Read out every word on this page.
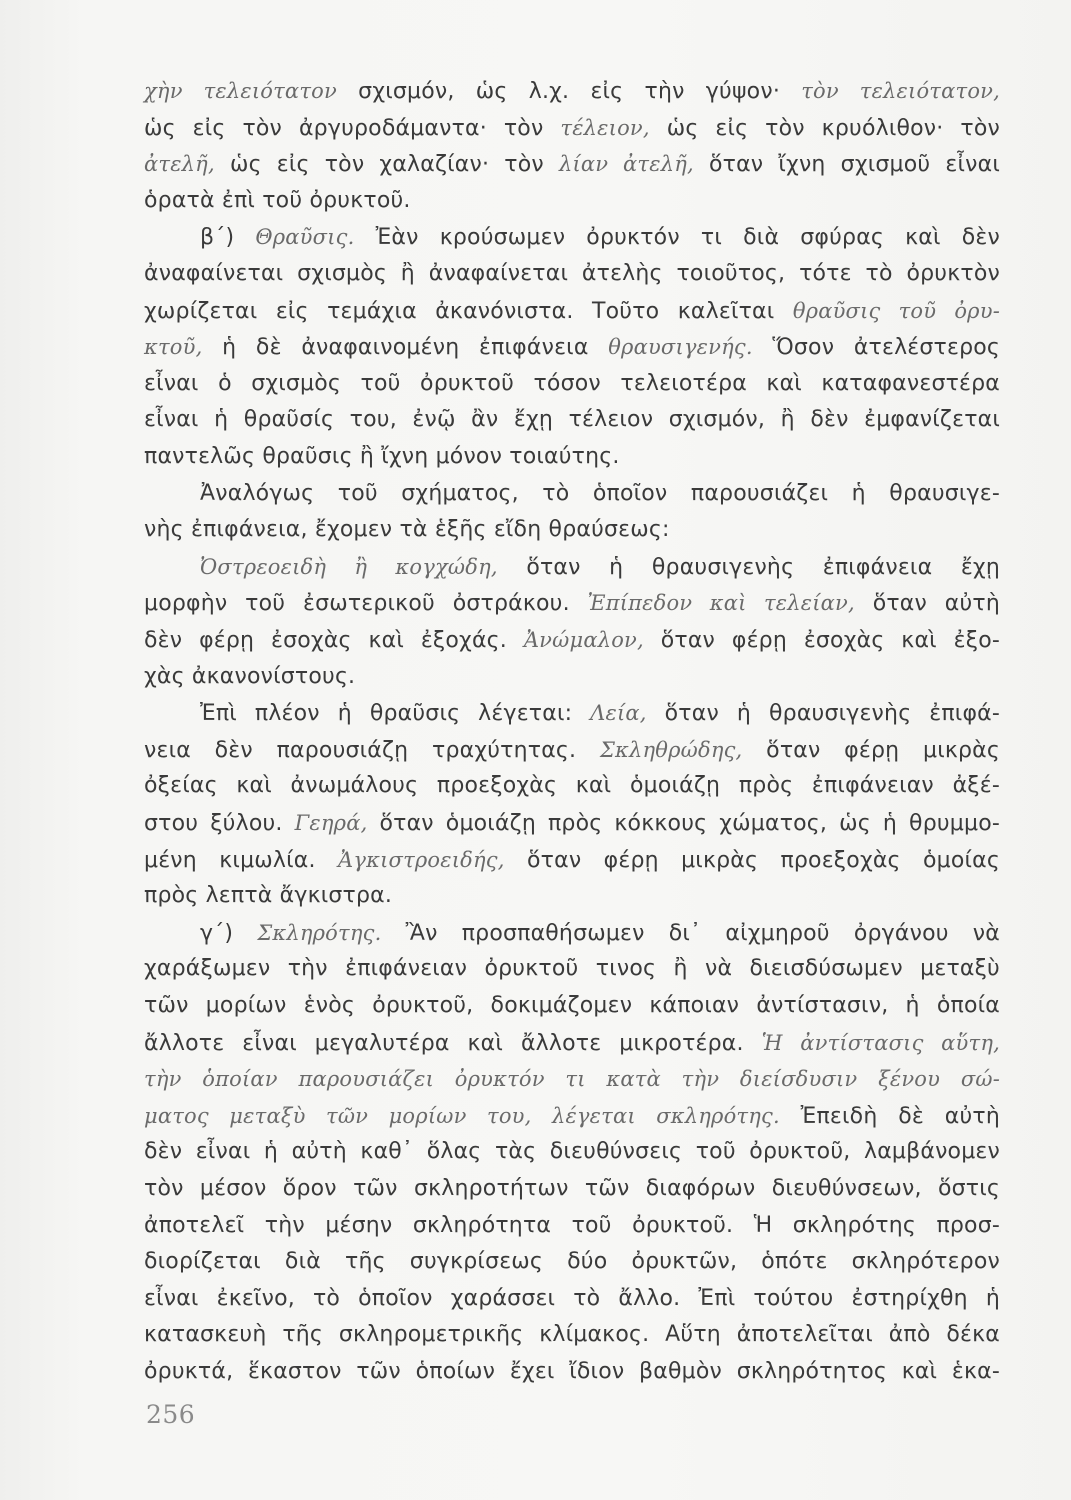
χὴν τελειότατον σχισμόν, ὡς λ.χ. εἰς τὴν γύψον· τὸν τελειότατον,
ὡς εἰς τὸν ἀργυροδάμαντα· τὸν τέλειον, ὡς εἰς τὸν κρυόλιθον· τὸν
ἀτελῆ, ὡς εἰς τὸν χαλαζίαν· τὸν λίαν ἀτελῆ, ὅταν ἴχνη σχισμοῦ εἶναι
ὁρατὰ ἐπὶ τοῦ ὀρυκτοῦ.
β΄) Θραῦσις. Ἐὰν κρούσωμεν ὀρυκτόν τι διὰ σφύρας καὶ δὲν
ἀναφαίνεται σχισμὸς ἢ ἀναφαίνεται ἀτελὴς τοιοῦτος, τότε τὸ ὀρυκτὸν
χωρίζεται εἰς τεμάχια ἀκανόνιστα. Τοῦτο καλεῖται θραῦσις τοῦ ὀρυ-
κτοῦ, ἡ δὲ ἀναφαινομένη ἐπιφάνεια θραυσιγενής. Ὅσον ἀτελέστερος
εἶναι ὁ σχισμὸς τοῦ ὀρυκτοῦ τόσον τελειοτέρα καὶ καταφανεστέρα
εἶναι ἡ θραῦσίς του, ἐνῷ ἂν ἔχῃ τέλειον σχισμόν, ἢ δὲν ἐμφανίζεται
παντελῶς θραῦσις ἢ ἴχνη μόνον τοιαύτης.
Ἀναλόγως τοῦ σχήματος, τὸ ὁποῖον παρουσιάζει ἡ θραυσιγε-
νὴς ἐπιφάνεια, ἔχομεν τὰ ἑξῆς εἴδη θραύσεως:
Ὀστρεοειδὴ ἢ κογχώδη, ὅταν ἡ θραυσιγενὴς ἐπιφάνεια ἔχῃ
μορφὴν τοῦ ἐσωτερικοῦ ὀστράκου. Ἐπίπεδον καὶ τελείαν, ὅταν αὐτὴ
δὲν φέρῃ ἐσοχὰς καὶ ἐξοχάς. Ἀνώμαλον, ὅταν φέρῃ ἐσοχὰς καὶ ἐξο-
χὰς ἀκανονίστους.
Ἐπὶ πλέον ἡ θραῦσις λέγεται: Λεία, ὅταν ἡ θραυσιγενὴς ἐπιφά-
νεια δὲν παρουσιάζῃ τραχύτητας. Σκληθρώδης, ὅταν φέρῃ μικρὰς
ὀξείας καὶ ἀνωμάλους προεξοχὰς καὶ ὁμοιάζῃ πρὸς ἐπιφάνειαν ἀξέ-
στου ξύλου. Γεηρά, ὅταν ὁμοιάζῃ πρὸς κόκκους χώματος, ὡς ἡ θρυμμο-
μένη κιμωλία. Ἀγκιστροειδής, ὅταν φέρῃ μικρὰς προεξοχὰς ὁμοίας
πρὸς λεπτὰ ἄγκιστρα.
γ΄) Σκληρότης. Ἂν προσπαθήσωμεν δι᾽ αἰχμηροῦ ὀργάνου νὰ
χαράξωμεν τὴν ἐπιφάνειαν ὀρυκτοῦ τινος ἢ νὰ διεισδύσωμεν μεταξὺ
τῶν μορίων ἑνὸς ὀρυκτοῦ, δοκιμάζομεν κάποιαν ἀντίστασιν, ἡ ὁποία
ἄλλοτε εἶναι μεγαλυτέρα καὶ ἄλλοτε μικροτέρα. Ἡ ἀντίστασις αὕτη,
τὴν ὁποίαν παρουσιάζει ὀρυκτόν τι κατὰ τὴν διείσδυσιν ξένου σώ-
ματος μεταξὺ τῶν μορίων του, λέγεται σκληρότης. Ἐπειδὴ δὲ αὐτὴ
δὲν εἶναι ἡ αὐτὴ καθ᾽ ὅλας τὰς διευθύνσεις τοῦ ὀρυκτοῦ, λαμβάνομεν
τὸν μέσον ὅρον τῶν σκληροτήτων τῶν διαφόρων διευθύνσεων, ὅστις
ἀποτελεῖ τὴν μέσην σκληρότητα τοῦ ὀρυκτοῦ. Ἡ σκληρότης προσ-
διορίζεται διὰ τῆς συγκρίσεως δύο ὀρυκτῶν, ὁπότε σκληρότερον
εἶναι ἐκεῖνο, τὸ ὁποῖον χαράσσει τὸ ἄλλο. Ἐπὶ τούτου ἐστηρίχθη ἡ
κατασκευὴ τῆς σκληρομετρικῆς κλίμακος. Αὕτη ἀποτελεῖται ἀπὸ δέκα
ὀρυκτά, ἕκαστον τῶν ὁποίων ἔχει ἴδιον βαθμὸν σκληρότητος καὶ ἑκα-
256
